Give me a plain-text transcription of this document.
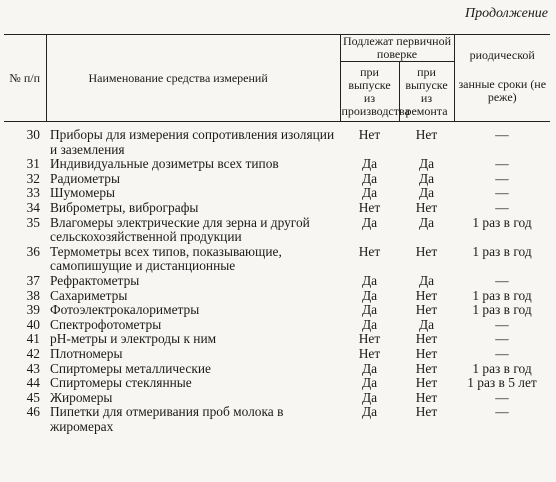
Продолжение
№ п/п	Наименование средства измерений	Подлежат первичной поверке		риодической
		при выпуске из производства	при выпуске из ремонта	занные сроки (не реже)
30	Приборы для измерения сопротивления изоляции и заземления	Нет	Нет	—
31	Индивидуальные дозиметры всех типов	Да	Да	—
32	Радиометры	Да	Да	—
33	Шумомеры	Да	Да	—
34	Виброметры, вибрографы	Нет	Нет	—
35	Влагомеры электрические для зерна и другой сельскохозяйственной продукции	Да	Да	1 раз в год
36	Термометры всех типов, показывающие, самопишущие и дистанционные	Нет	Нет	1 раз в год
37	Рефрактометры	Да	Да	—
38	Сахариметры	Да	Нет	1 раз в год
39	Фотоэлектрокалориметры	Да	Нет	1 раз в год
40	Спектрофотометры	Да	Да	—
41	pH-метры и электроды к ним	Нет	Нет	—
42	Плотномеры	Нет	Нет	—
43	Спиртомеры металлические	Да	Нет	1 раз в год
44	Спиртомеры стеклянные	Да	Нет	1 раз в 5 лет
45	Жиромеры	Да	Нет	—
46	Пипетки для отмеривания проб молока в жиромерах	Да	Нет	—
